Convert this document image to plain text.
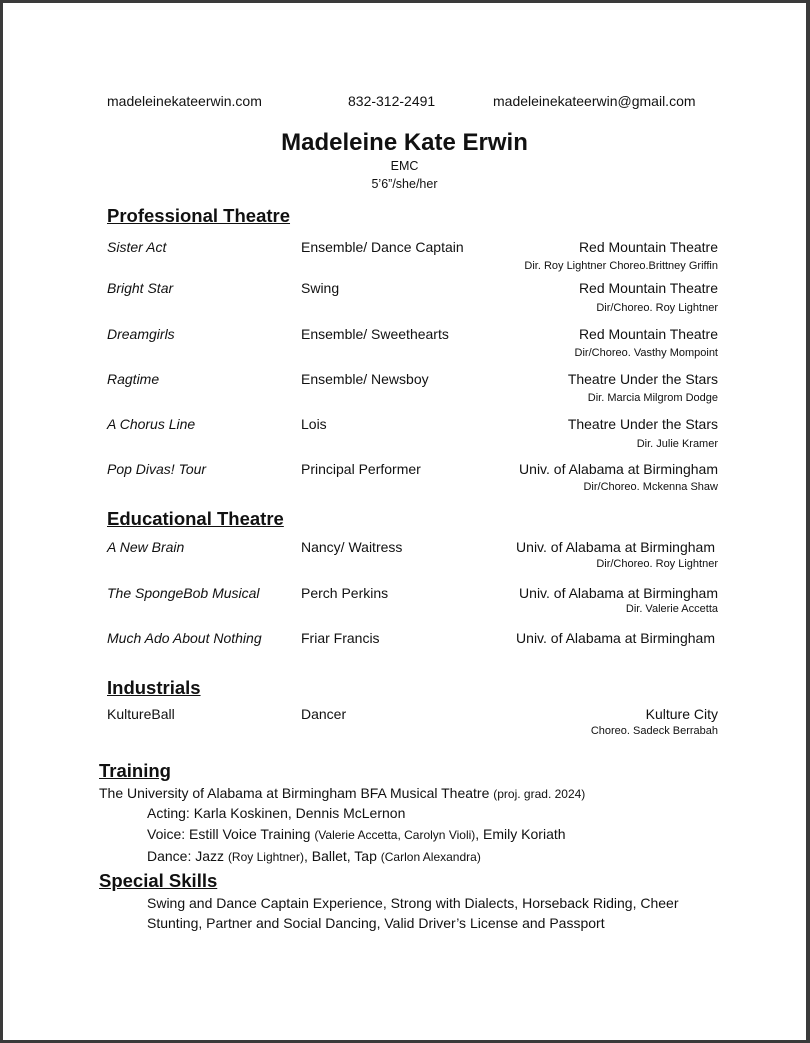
madeleinekateerwin.com	832-312-2491	madeleinekateerwin@gmail.com
Madeleine Kate Erwin
EMC
5’6”/she/her
Professional Theatre
Sister Act	Ensemble/ Dance Captain	Red Mountain Theatre
Dir. Roy Lightner Choreo.Brittney Griffin
Bright Star	Swing	Red Mountain Theatre
Dir/Choreo. Roy Lightner
Dreamgirls	Ensemble/ Sweethearts	Red Mountain Theatre
Dir/Choreo. Vasthy Mompoint
Ragtime	Ensemble/ Newsboy	Theatre Under the Stars
Dir. Marcia Milgrom Dodge
A Chorus Line	Lois	Theatre Under the Stars
Dir. Julie Kramer
Pop Divas! Tour	Principal Performer	Univ. of Alabama at Birmingham
Dir/Choreo. Mckenna Shaw
Educational Theatre
A New Brain	Nancy/ Waitress	Univ. of Alabama at Birmingham
Dir/Choreo. Roy Lightner
The SpongeBob Musical	Perch Perkins	Univ. of Alabama at Birmingham
Dir. Valerie Accetta
Much Ado About Nothing	Friar Francis	Univ. of Alabama at Birmingham
Industrials
KultureBall	Dancer	Kulture City
Choreo. Sadeck Berrabah
Training
The University of Alabama at Birmingham BFA Musical Theatre (proj. grad. 2024)
Acting: Karla Koskinen, Dennis McLernon
Voice: Estill Voice Training (Valerie Accetta, Carolyn Violi), Emily Koriath
Dance: Jazz (Roy Lightner), Ballet, Tap (Carlon Alexandra)
Special Skills
Swing and Dance Captain Experience, Strong with Dialects, Horseback Riding, Cheer
Stunting, Partner and Social Dancing, Valid Driver’s License and Passport
